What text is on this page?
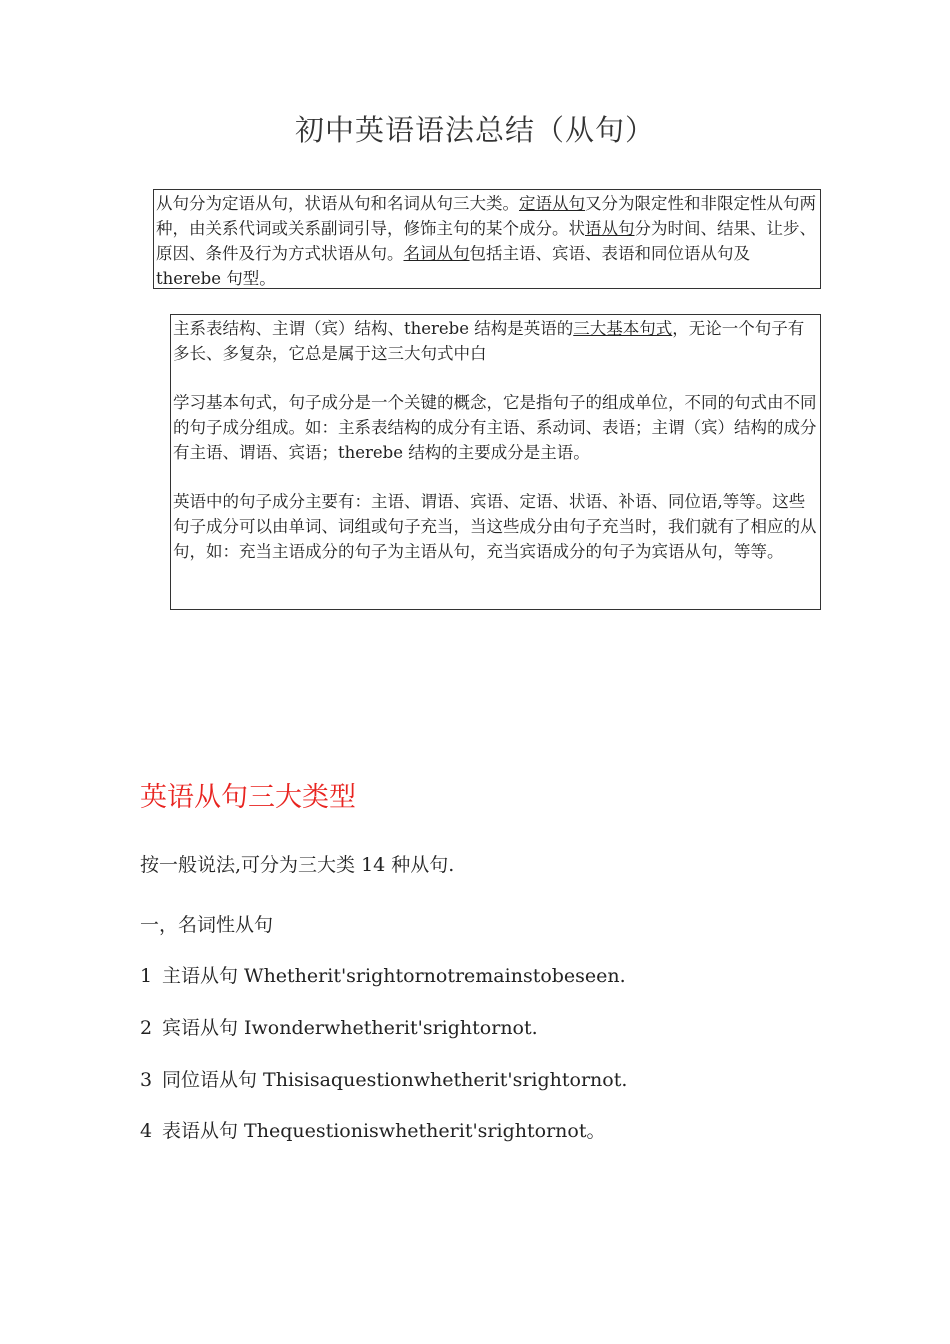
初中英语语法总结（从句）
从句分为定语从句，状语从句和名词从句三大类。定语从句又分为限定性和非限定性从句两种，由关系代词或关系副词引导，修饰主句的某个成分。状语从句分为时间、结果、让步、原因、条件及行为方式状语从句。名词从句包括主语、宾语、表语和同位语从句及 therebe 句型。

主系表结构、主谓（宾）结构、therebe 结构是英语的三大基本句式，无论一个句子有多长、多复杂，它总是属于这三大句式中白

学习基本句式，句子成分是一个关键的概念，它是指句子的组成单位，不同的句式由不同的句子成分组成。如：主系表结构的成分有主语、系动词、表语；主谓（宾）结构的成分有主语、谓语、宾语；therebe 结构的主要成分是主语。

英语中的句子成分主要有：主语、谓语、宾语、定语、状语、补语、同位语,等等。这些句子成分可以由单词、词组或句子充当，当这些成分由句子充当时，我们就有了相应的从句，如：充当主语成分的句子为主语从句，充当宾语成分的句子为宾语从句，等等。

英语从句三大类型
按一般说法,可分为三大类 14 种从句.
一，名词性从句
1 主语从句 Whetherit'srightornotremainstobeseen.
2 宾语从句 Iwonderwhetherit'srightornot.
3 同位语从句 Thisisaquestionwhetherit'srightornot.
4 表语从句 Thequestioniswhetherit'srightornot。
